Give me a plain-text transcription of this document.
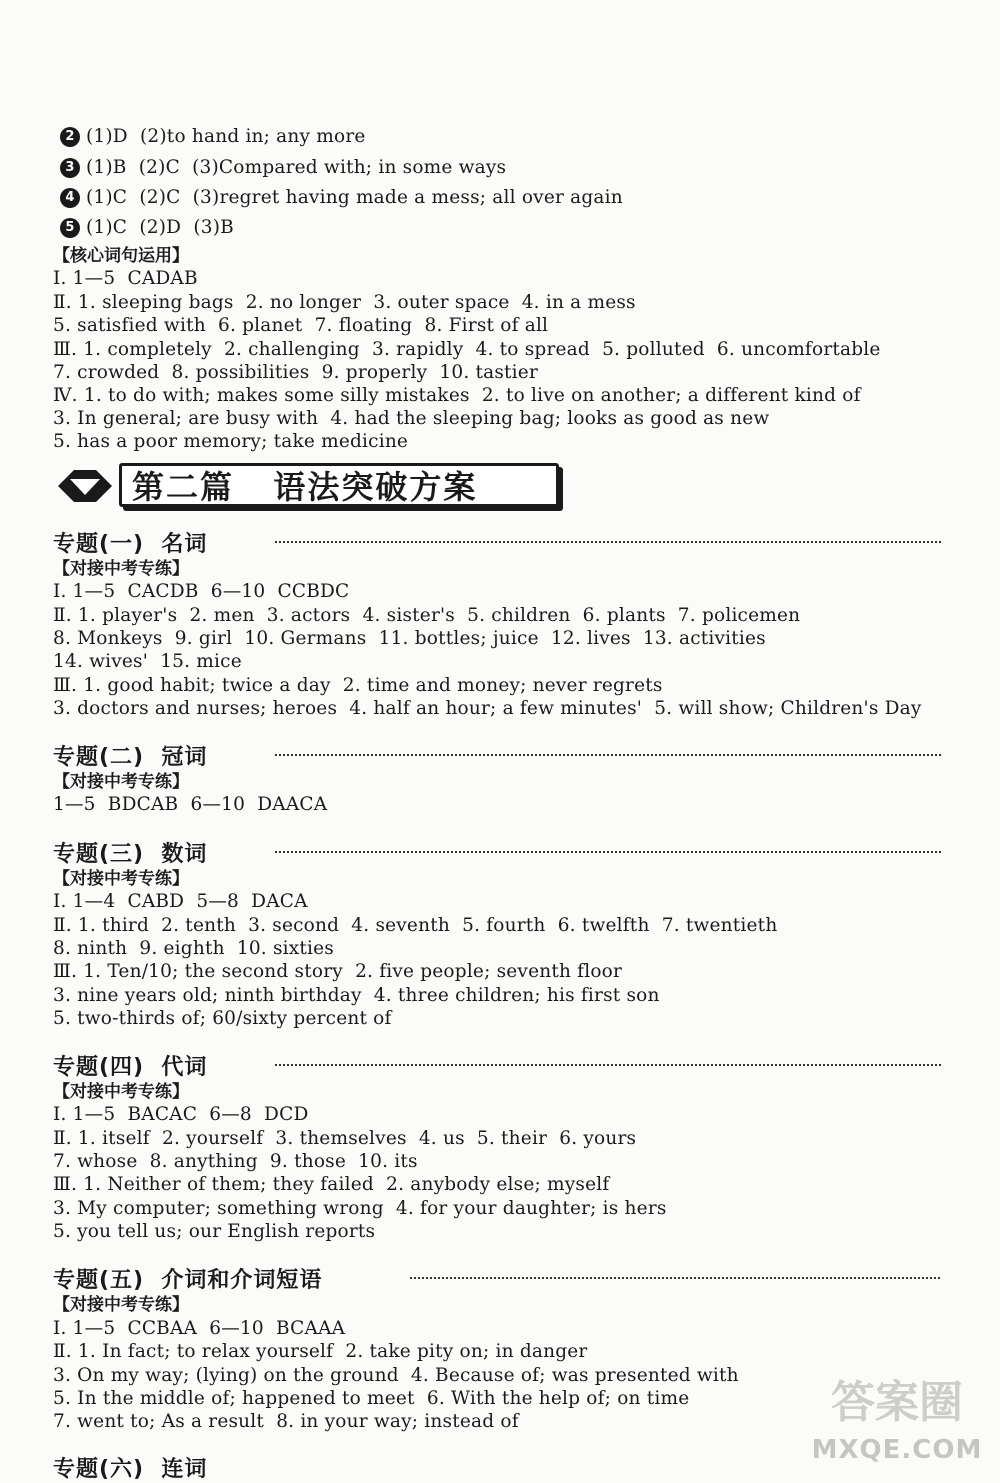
2 (1)D  (2)to hand in; any more
3 (1)B  (2)C  (3)Compared with; in some ways
4 (1)C  (2)C  (3)regret having made a mess; all over again
5 (1)C  (2)D  (3)B
【核心词句运用】
Ⅰ. 1—5  CADAB
Ⅱ. 1. sleeping bags  2. no longer  3. outer space  4. in a mess
5. satisfied with  6. planet  7. floating  8. First of all
Ⅲ. 1. completely  2. challenging  3. rapidly  4. to spread  5. polluted  6. uncomfortable
7. crowded  8. possibilities  9. properly  10. tastier
Ⅳ. 1. to do with; makes some silly mistakes  2. to live on another; a different kind of
3. In general; are busy with  4. had the sleeping bag; looks as good as new
5. has a poor memory; take medicine
第二篇   语法突破方案
专题(一)  名词
【对接中考专练】
Ⅰ. 1—5  CACDB  6—10  CCBDC
Ⅱ. 1. player's  2. men  3. actors  4. sister's  5. children  6. plants  7. policemen
8. Monkeys  9. girl  10. Germans  11. bottles; juice  12. lives  13. activities
14. wives'  15. mice
Ⅲ. 1. good habit; twice a day  2. time and money; never regrets
3. doctors and nurses; heroes  4. half an hour; a few minutes'  5. will show; Children's Day
专题(二)  冠词
【对接中考专练】
1—5  BDCAB  6—10  DAACA
专题(三)  数词
【对接中考专练】
Ⅰ. 1—4  CABD  5—8  DACA
Ⅱ. 1. third  2. tenth  3. second  4. seventh  5. fourth  6. twelfth  7. twentieth
8. ninth  9. eighth  10. sixties
Ⅲ. 1. Ten/10; the second story  2. five people; seventh floor
3. nine years old; ninth birthday  4. three children; his first son
5. two-thirds of; 60/sixty percent of
专题(四)  代词
【对接中考专练】
Ⅰ. 1—5  BACAC  6—8  DCD
Ⅱ. 1. itself  2. yourself  3. themselves  4. us  5. their  6. yours
7. whose  8. anything  9. those  10. its
Ⅲ. 1. Neither of them; they failed  2. anybody else; myself
3. My computer; something wrong  4. for your daughter; is hers
5. you tell us; our English reports
专题(五)  介词和介词短语
【对接中考专练】
Ⅰ. 1—5  CCBAA  6—10  BCAAA
Ⅱ. 1. In fact; to relax yourself  2. take pity on; in danger
3. On my way; (lying) on the ground  4. Because of; was presented with
5. In the middle of; happened to meet  6. With the help of; on time
7. went to; As a result  8. in your way; instead of
专题(六)  连词
答案圈
MXQE.COM
